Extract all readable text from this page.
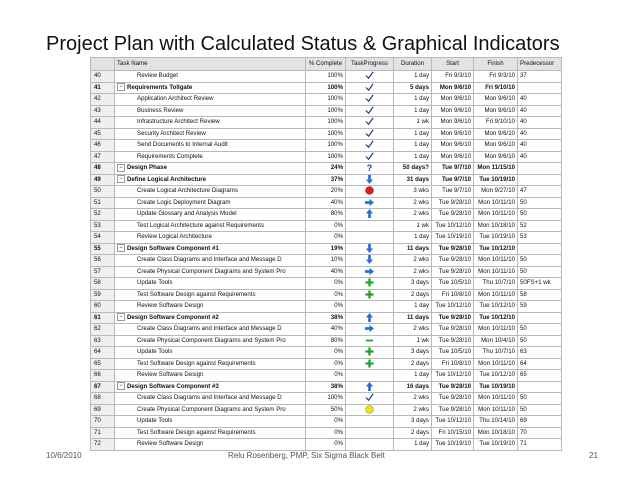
Project Plan with Calculated Status & Graphical Indicators
	Task Name	% Complete	TaskProgress	Duration	Start	Finish	Predecessor
40	Review Budget	100%		1 day	Fri 9/3/10	Fri 9/3/10	37
41	− Requirements Tollgate	100%		5 days	Mon 9/6/10	Fri 9/10/10	
42	Application Architect Review	100%		1 day	Mon 9/6/10	Mon 9/6/10	40
43	Business Review	100%		1 day	Mon 9/6/10	Mon 9/6/10	40
44	Infrastructure Architect Review	100%		1 wk	Mon 9/6/10	Fri 9/10/10	40
45	Security Architect Review	100%		1 day	Mon 9/6/10	Mon 9/6/10	40
46	Send Documents to Internal Audit	100%		1 day	Mon 9/6/10	Mon 9/6/10	40
47	Requirements Complete	100%		1 day	Mon 9/6/10	Mon 9/6/10	40
48	− Design Phase	24%	?	50 days?	Tue 9/7/10	Mon 11/15/10	
49	− Define Logical Architecture	37%		31 days	Tue 9/7/10	Tue 10/19/10	
50	Create Logical Architecture Diagrams	20%		3 wks	Tue 9/7/10	Mon 9/27/10	47
51	Create Logic Deployment Diagram	40%		2 wks	Tue 9/28/10	Mon 10/11/10	50
52	Update Glossary and Analysis Model	80%		2 wks	Tue 9/28/10	Mon 10/11/10	50
53	Test Logical Architecture against Requirements	0%		1 wk	Tue 10/12/10	Mon 10/18/10	52
54	Review Logical Architecture	0%		1 day	Tue 10/19/10	Tue 10/19/10	53
55	− Design Software Component #1	19%		11 days	Tue 9/28/10	Tue 10/12/10	
56	Create Class Diagrams and Interface and Message D	10%		2 wks	Tue 9/28/10	Mon 10/11/10	50
57	Create Physical Component Diagrams and System Pro	40%		2 wks	Tue 9/28/10	Mon 10/11/10	50
58	Update Tools	0%		3 days	Tue 10/5/10	Thu 10/7/10	50FS+1 wk
59	Test Software Design against Requirements	0%		2 days	Fri 10/8/10	Mon 10/11/10	58
60	Review Software Design	0%		1 day	Tue 10/12/10	Tue 10/12/10	59
61	− Design Software Component #2	38%		11 days	Tue 9/28/10	Tue 10/12/10	
62	Create Class Diagrams and Interface and Message D	40%		2 wks	Tue 9/28/10	Mon 10/11/10	50
63	Create Physical Component Diagrams and System Pro	80%		1 wk	Tue 9/28/10	Mon 10/4/10	50
64	Update Tools	0%		3 days	Tue 10/5/10	Thu 10/7/10	63
65	Test Software Design against Requirements	0%		2 days	Fri 10/8/10	Mon 10/11/10	64
66	Review Software Design	0%		1 day	Tue 10/12/10	Tue 10/12/10	65
67	− Design Software Component #3	38%		16 days	Tue 9/28/10	Tue 10/19/10	
68	Create Class Diagrams and Interface and Message D	100%		2 wks	Tue 9/28/10	Mon 10/11/10	50
69	Create Physical Component Diagrams and System Pro	50%		2 wks	Tue 9/28/10	Mon 10/11/10	50
70	Update Tools	0%		3 days	Tue 10/12/10	Thu 10/14/10	69
71	Test Software Design against Requirements	0%		2 days	Fri 10/15/10	Mon 10/18/10	70
72	Review Software Design	0%		1 day	Tue 10/19/10	Tue 10/19/10	71
10/6/2010	Relu Rosenberg, PMP, Six Sigma Black Belt	21
